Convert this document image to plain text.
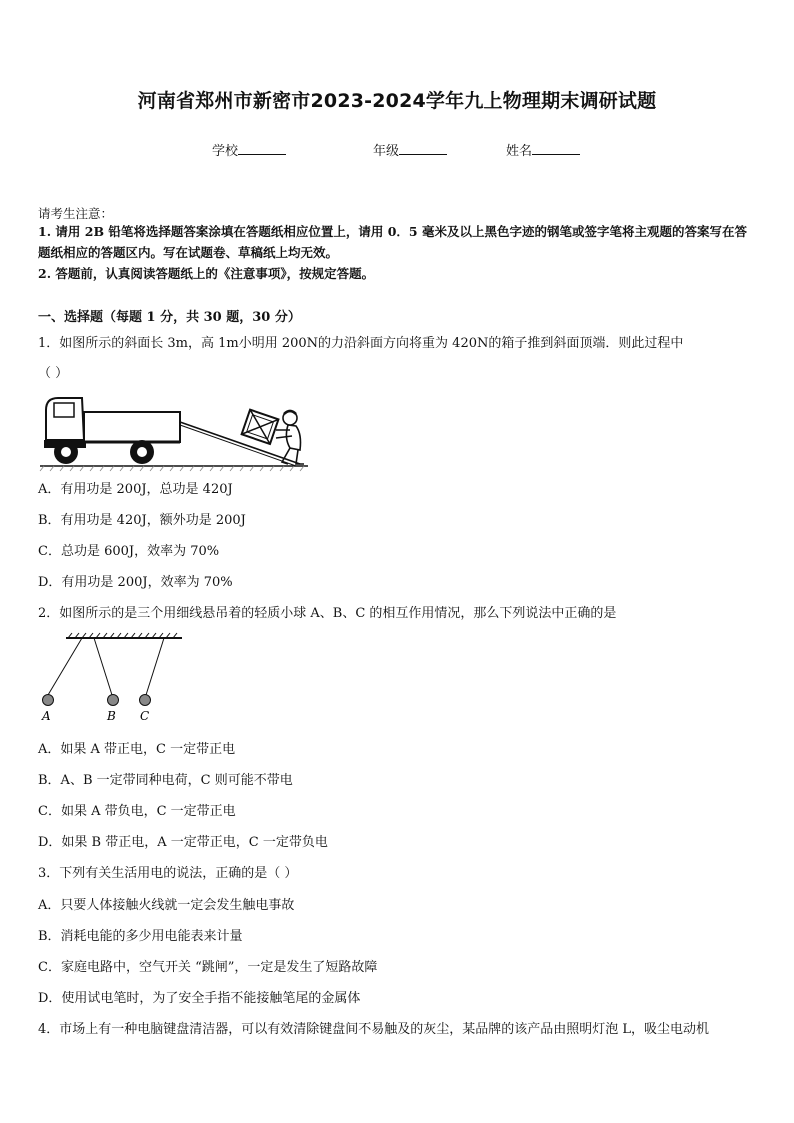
河南省郑州市新密市2023-2024学年九上物理期末调研试题
学校	年级	姓名
请考生注意：
1. 请用 2B 铅笔将选择题答案涂填在答题纸相应位置上，请用 0．5 毫米及以上黑色字迹的钢笔或签字笔将主观题的答案写在答题纸相应的答题区内。写在试题卷、草稿纸上均无效。
2. 答题前，认真阅读答题纸上的《注意事项》，按规定答题。
一、选择题（每题 1 分，共 30 题，30 分）
1．如图所示的斜面长 3m，高 1m小明用 200N的力沿斜面方向将重为 420N的箱子推到斜面顶端．则此过程中
（ ）
A．有用功是 200J，总功是 420J
B．有用功是 420J，额外功是 200J
C．总功是 600J，效率为 70%
D．有用功是 200J，效率为 70%
2．如图所示的是三个用细线悬吊着的轻质小球 A、B、C 的相互作用情况，那么下列说法中正确的是
A	B C
A．如果 A 带正电，C 一定带正电
B．A、B 一定带同种电荷，C 则可能不带电
C．如果 A 带负电，C 一定带正电
D．如果 B 带正电，A 一定带正电，C 一定带负电
3．下列有关生活用电的说法，正确的是（ ）
A．只要人体接触火线就一定会发生触电事故
B．消耗电能的多少用电能表来计量
C．家庭电路中，空气开关 “跳闸”，一定是发生了短路故障
D．使用试电笔时，为了安全手指不能接触笔尾的金属体
4．市场上有一种电脑键盘清洁器，可以有效清除键盘间不易触及的灰尘，某品牌的该产品由照明灯泡 L，吸尘电动机
